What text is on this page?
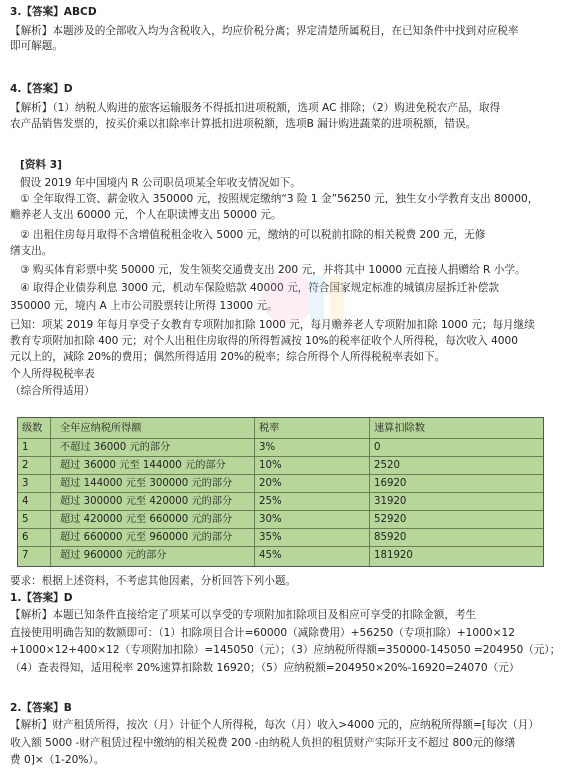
3.【答案】ABCD
【解析】本题涉及的全部收入均为含税收入，均应价税分离；界定清楚所属税目，在已知条件中找到对应税率
即可解题。
4.【答案】D
【解析】（1）纳税人购进的旅客运输服务不得抵扣进项税额，选项 AC 排除；（2）购进免税农产品，取得
农产品销售发票的，按买价乘以扣除率计算抵扣进项税额，选项B 漏计购进蔬菜的进项税额，错误。
[资料 3]
假设 2019 年中国境内 R 公司职员项某全年收支情况如下。
① 全年取得工资、薪金收入 350000 元，按照规定缴纳“3 险 1 金”56250 元，独生女小学教育支出 80000，
赡养老人支出 60000 元，个人在职读博支出 50000 元。
② 出租住房每月取得不含增值税租金收入 5000 元，缴纳的可以税前扣除的相关税费 200 元，无修
缮支出。
③ 购买体育彩票中奖 50000 元，发生领奖交通费支出 200 元，并将其中 10000 元直接人捐赠给 R 小学。
④ 取得企业债券利息 3000 元，机动车保险赔款 40000 元，符合国家规定标准的城镇房屋拆迁补偿款
350000 元，境内 A 上市公司股票转让所得 13000 元。
已知：项某 2019 年每月享受子女教育专项附加扣除 1000 元，每月赡养老人专项附加扣除 1000 元；每月继续
教育专项附加扣除 400 元；对个人出租住房取得的所得暂减按 10%的税率征收个人所得税，每次收入 4000
元以上的，减除 20%的费用；偶然所得适用 20%的税率；综合所得个人所得税税率表如下。
个人所得税税率表
（综合所得适用）
级数 全年应纳税所得额	税率	速算扣除数
1	不超过 36000 元的部分	3%	0
2	超过 36000 元至 144000 元的部分	10%	2520
3	超过 144000 元至 300000 元的部分	20%	16920
4	超过 300000 元至 420000 元的部分	25%	31920
5	超过 420000 元至 660000 元的部分	30%	52920
6	超过 660000 元至 960000 元的部分	35%	85920
7	超过 960000 元的部分	45%	181920
要求：根据上述资料，不考虑其他因素，分析回答下列小题。
1.【答案】D
【解析】本题已知条件直接给定了项某可以享受的专项附加扣除项目及相应可享受的扣除金额，考生
直接使用明确告知的数额即可：（1）扣除项目合计=60000（减除费用）+56250（专项扣除）+1000×12
+1000×12+400×12（专项附加扣除）=145050（元）；（3）应纳税所得额=350000-145050 =204950（元）；
（4）查表得知，适用税率 20%速算扣除数 16920；（5）应纳税额=204950×20%-16920=24070（元）
2.【答案】B
【解析】财产租赁所得，按次（月）计征个人所得税，每次（月）收入>4000 元的，应纳税所得额=[每次（月）
收入额 5000 -财产租赁过程中缴纳的相关税费 200 -由纳税人负担的租赁财产实际开支不超过 800元的修缮
费 0]×（1-20%）。
